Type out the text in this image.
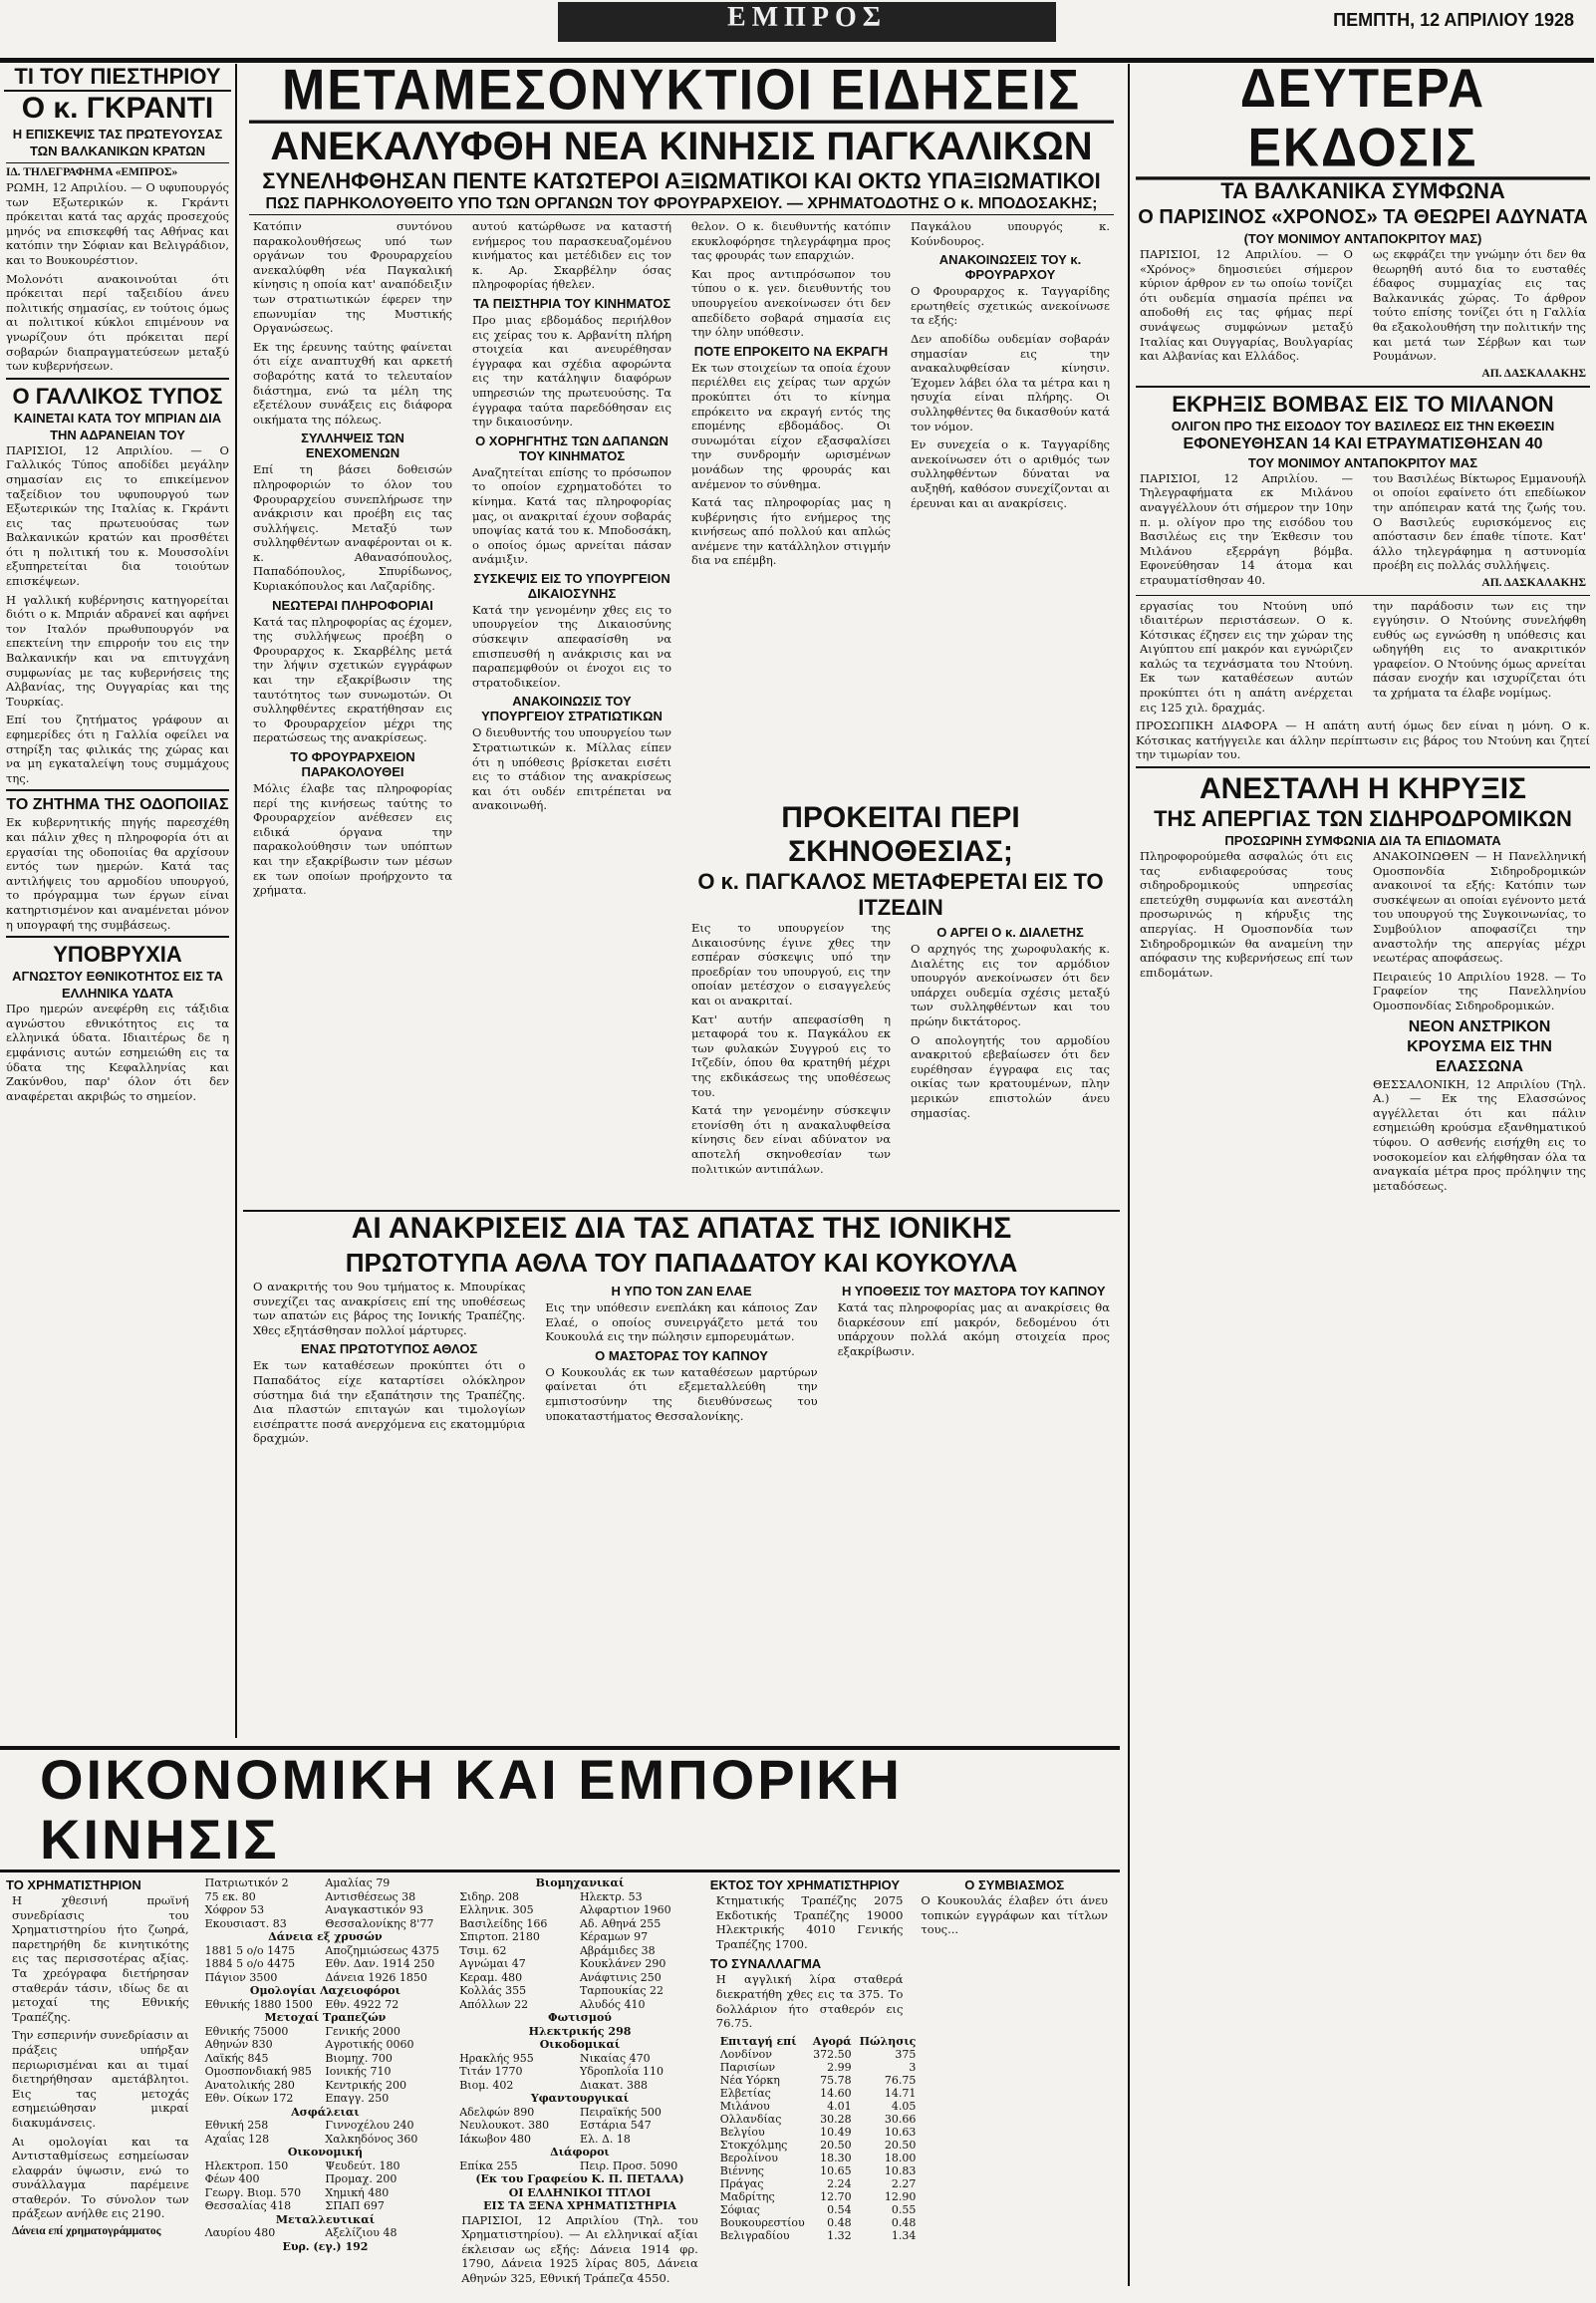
ΕΜΠΡΟΣ	ΠΕΜΠΤΗ, 12 ΑΠΡΙΛΙΟΥ 1928
ΤΙ ΤΟΥ ΠΙΕΣΤΗΡΙΟΥ
Ο κ. ΓΚΡΑΝΤΙ
Η ΕΠΙΣΚΕΨΙΣ ΤΑΣ ΠΡΩΤΕΥΟΥΣΑΣ ΤΩΝ ΒΑΛΚΑΝΙΚΩΝ ΚΡΑΤΩΝ
ΙΔ. ΤΗΛΕΓΡΑΦΗΜΑ «ΕΜΠΡΟΣ»

ΡΩΜΗ, 12 Απριλίου. — Ο υφυπουργός των Εξωτερικών κ. Γκράντι πρόκειται κατά τας αρχάς προσεχούς μηνός να επισκεφθή τας Αθήνας και κατόπιν την Σόφιαν και Βελιγράδιον, και το Βουκουρέστιον.

Μολονότι ανακοινούται ότι πρόκειται περί ταξειδίου άνευ πολιτικής σημασίας, εν τούτοις όμως αι πολιτικοί κύκλοι επιμένουν να γνωρίζουν ότι πρόκειται περί σοβαρών διαπραγματεύσεων μεταξύ των κυβερνήσεων.

Ο ΓΑΛΛΙΚΟΣ ΤΥΠΟΣ
ΚΑΙΝΕΤΑΙ ΚΑΤΑ ΤΟΥ ΜΠΡΙΑΝ ΔΙΑ ΤΗΝ ΑΔΡΑΝΕΙΑΝ ΤΟΥ

ΠΑΡΙΣΙΟΙ, 12 Απριλίου. — Ο Γαλλικός Τύπος αποδίδει μεγάλην σημασίαν εις το επικείμενον ταξείδιον του υφυπουργού των Εξωτερικών της Ιταλίας κ. Γκράντι εις τας πρωτευούσας των Βαλκανικών κρατών και προσθέτει ότι η πολιτική του κ. Μουσσολίνι εξυπηρετείται δια τοιούτων επισκέψεων.

Η γαλλική κυβέρνησις κατηγορείται διότι ο κ. Μπριάν αδρανεί και αφήνει τον Ιταλόν πρωθυπουργόν να επεκτείνη την επιρροήν του εις την Βαλκανικήν και να επιτυγχάνη συμφωνίας με τας κυβερνήσεις της Αλβανίας, της Ουγγαρίας και της Τουρκίας.

Επί του ζητήματος γράφουν αι εφημερίδες ότι η Γαλλία οφείλει να στηρίξη τας φιλικάς της χώρας και να μη εγκαταλείψη τους συμμάχους της.

ΤΟ ΖΗΤΗΜΑ ΤΗΣ ΟΔΟΠΟΙΙΑΣ

Εκ κυβερνητικής πηγής παρεσχέθη και πάλιν χθες η πληροφορία ότι αι εργασίαι της οδοποιίας θα αρχίσουν εντός των ημερών. Κατά τας αντιλήψεις του αρμοδίου υπουργού, το πρόγραμμα των έργων είναι κατηρτισμένον και αναμένεται μόνον η υπογραφή της συμβάσεως.

ΥΠΟΒΡΥΧΙΑ
ΑΓΝΩΣΤΟΥ ΕΘΝΙΚΟΤΗΤΟΣ ΕΙΣ ΤΑ ΕΛΛΗΝΙΚΑ ΥΔΑΤΑ

Προ ημερών ανεφέρθη εις τάξιδια αγνώστου εθνικότητος εις τα ελληνικά ύδατα. Ιδιαιτέρως δε η εμφάνισις αυτών εσημειώθη εις τα ύδατα της Κεφαλληνίας και Ζακύνθου, παρ' όλον ότι δεν αναφέρεται ακριβώς το σημείον.

ΜΕΤΑΜΕΣΟΝΥΚΤΙΟΙ ΕΙΔΗΣΕΙΣ
ΑΝΕΚΑΛΥΦΘΗ ΝΕΑ ΚΙΝΗΣΙΣ ΠΑΓΚΑΛΙΚΩΝ
ΣΥΝΕΛΗΦΘΗΣΑΝ ΠΕΝΤΕ ΚΑΤΩΤΕΡΟΙ ΑΞΙΩΜΑΤΙΚΟΙ ΚΑΙ ΟΚΤΩ ΥΠΑΞΙΩΜΑΤΙΚΟΙ
ΠΩΣ ΠΑΡΗΚΟΛΟΥΘΕΙΤΟ ΥΠΟ ΤΩΝ ΟΡΓΑΝΩΝ ΤΟΥ ΦΡΟΥΡΑΡΧΕΙΟΥ. — ΧΡΗΜΑΤΟΔΟΤΗΣ Ο κ. ΜΠΟΔΟΣΑΚΗΣ;

Κατόπιν συντόνου παρακολουθήσεως υπό των οργάνων του Φρουραρχείου ανεκαλύφθη νέα Παγκαλική κίνησις η οποία κατ' αναπόδειξιν των στρατιωτικών έφερεν την επωνυμίαν της Μυστικής Οργανώσεως.

Εκ της έρευνης ταύτης φαίνεται ότι είχε αναπτυχθή και αρκετή σοβαρότης κατά το τελευταίον διάστημα, ενώ τα μέλη της εξετέλουν συνάξεις εις διάφορα οικήματα της πόλεως.

ΣΥΛΛΗΨΕΙΣ ΤΩΝ ΕΝΕΧΟΜΕΝΩΝ

Επί τη βάσει δοθεισών πληροφοριών το όλον του Φρουραρχείου συνεπλήρωσε την ανάκρισιν και προέβη εις τας συλλήψεις. Μεταξύ των συλληφθέντων αναφέρονται οι κ. κ. Αθανασόπουλος, Παπαδόπουλος, Σπυρίδωνος, Κυριακόπουλος και Λαζαρίδης.

ΝΕΩΤΕΡΑΙ ΠΛΗΡΟΦΟΡΙΑΙ

Κατά τας πληροφορίας ας έχομεν, της συλλήψεως προέβη ο Φρουραρχος κ. Σκαρβέλης μετά την λήψιν σχετικών εγγράφων και την εξακρίβωσιν της ταυτότητος των συνωμοτών. Οι συλληφθέντες εκρατήθησαν εις το Φρουραρχείον μέχρι της περατώσεως της ανακρίσεως.

ΤΟ ΦΡΟΥΡΑΡΧΕΙΟΝ ΠΑΡΑΚΟΛΟΥΘΕΙ

Μόλις έλαβε τας πληροφορίας περί της κινήσεως ταύτης το Φρουραρχείον ανέθεσεν εις ειδικά όργανα την παρακολούθησιν των υπόπτων και την εξακρίβωσιν των μέσων εκ των οποίων προήρχοντο τα χρήματα.

αυτού κατώρθωσε να καταστή ενήμερος του παρασκευαζομένου κινήματος και μετέδιδεν εις τον κ. Αρ. Σκαρβέλην όσας πληροφορίας ήθελεν.

ΤΑ ΠΕΙΣΤΗΡΙΑ ΤΟΥ ΚΙΝΗΜΑΤΟΣ

Προ μιας εβδομάδος περιήλθον εις χείρας του κ. Αρβανίτη πλήρη στοιχεία και ανευρέθησαν έγγραφα και σχέδια αφορώντα εις την κατάληψιν διαφόρων υπηρεσιών της πρωτευούσης. Τα έγγραφα ταύτα παρεδόθησαν εις την δικαιοσύνην.

Ο ΧΟΡΗΓΗΤΗΣ ΤΩΝ ΔΑΠΑΝΩΝ ΤΟΥ ΚΙΝΗΜΑΤΟΣ

Αναζητείται επίσης το πρόσωπον το οποίον εχρηματοδότει το κίνημα. Κατά τας πληροφορίας μας, οι ανακριταί έχουν σοβαράς υποψίας κατά του κ. Μποδοσάκη, ο οποίος όμως αρνείται πάσαν ανάμιξιν.

ΣΥΣΚΕΨΙΣ ΕΙΣ ΤΟ ΥΠΟΥΡΓΕΙΟΝ ΔΙΚΑΙΟΣΥΝΗΣ

Κατά την γενομένην χθες εις το υπουργείον της Δικαιοσύνης σύσκεψιν απεφασίσθη να επισπευσθή η ανάκρισις και να παραπεμφθούν οι ένοχοι εις το στρατοδικείον.

ΑΝΑΚΟΙΝΩΣΙΣ ΤΟΥ ΥΠΟΥΡΓΕΙΟΥ ΣΤΡΑΤΙΩΤΙΚΩΝ

Ο διευθυντής του υπουργείου των Στρατιωτικών κ. Μίλλας είπεν ότι η υπόθεσις βρίσκεται εισέτι εις το στάδιον της ανακρίσεως και ότι ουδέν επιτρέπεται να ανακοινωθή.

θελον. Ο κ. διευθυντής κατόπιν εκυκλοφόρησε τηλεγράφημα προς τας φρουράς των επαρχιών.

Και προς αντιπρόσωπον του τύπου ο κ. γεν. διευθυντής του υπουργείου ανεκοίνωσεν ότι δεν απεδίδετο σοβαρά σημασία εις την όλην υπόθεσιν.

ΠΟΤΕ ΕΠΡΟΚΕΙΤΟ ΝΑ ΕΚΡΑΓΗ

Εκ των στοιχείων τα οποία έχουν περιέλθει εις χείρας των αρχών προκύπτει ότι το κίνημα επρόκειτο να εκραγή εντός της επομένης εβδομάδος. Οι συνωμόται είχον εξασφαλίσει την συνδρομήν ωρισμένων μονάδων της φρουράς και ανέμενον το σύνθημα.

Κατά τας πληροφορίας μας η κυβέρνησις ήτο ενήμερος της κινήσεως από πολλού και απλώς ανέμενε την κατάλληλον στιγμήν δια να επέμβη.

Παγκάλου υπουργός κ. Κούνδουρος.

ΑΝΑΚΟΙΝΩΣΕΙΣ ΤΟΥ κ. ΦΡΟΥΡΑΡΧΟΥ

Ο Φρουραρχος κ. Ταγγαρίδης ερωτηθείς σχετικώς ανεκοίνωσε τα εξής:

Δεν αποδίδω ουδεμίαν σοβαράν σημασίαν εις την ανακαλυφθείσαν κίνησιν. Έχομεν λάβει όλα τα μέτρα και η ησυχία είναι πλήρης. Οι συλληφθέντες θα δικασθούν κατά τον νόμον.

Εν συνεχεία ο κ. Ταγγαρίδης ανεκοίνωσεν ότι ο αριθμός των συλληφθέντων δύναται να αυξηθή, καθόσον συνεχίζονται αι έρευναι και αι ανακρίσεις.

ΠΡΟΚΕΙΤΑΙ ΠΕΡΙ ΣΚΗΝΟΘΕΣΙΑΣ;
Ο κ. ΠΑΓΚΑΛΟΣ ΜΕΤΑΦΕΡΕΤΑΙ ΕΙΣ ΤΟ ΙΤΖΕΔΙΝ

Εις το υπουργείον της Δικαιοσύνης έγινε χθες την εσπέραν σύσκεψις υπό την προεδρίαν του υπουργού, εις την οποίαν μετέσχον ο εισαγγελεύς και οι ανακριταί.

Κατ' αυτήν απεφασίσθη η μεταφορά του κ. Παγκάλου εκ των φυλακών Συγγρού εις το Ιτζεδίν, όπου θα κρατηθή μέχρι της εκδικάσεως της υποθέσεως του.

Κατά την γενομένην σύσκεψιν ετονίσθη ότι η ανακαλυφθείσα κίνησις δεν είναι αδύνατον να αποτελή σκηνοθεσίαν των πολιτικών αντιπάλων.

Ο ΑΡΓΕΙ Ο κ. ΔΙΑΛΕΤΗΣ

Ο αρχηγός της χωροφυλακής κ. Διαλέτης εις τον αρμόδιον υπουργόν ανεκοίνωσεν ότι δεν υπάρχει ουδεμία σχέσις μεταξύ των συλληφθέντων και του πρώην δικτάτορος.

Ο απολογητής του αρμοδίου ανακριτού εβεβαίωσεν ότι δεν ευρέθησαν έγγραφα εις τας οικίας των κρατουμένων, πλην μερικών επιστολών άνευ σημασίας.

ΑΙ ΑΝΑΚΡΙΣΕΙΣ ΔΙΑ ΤΑΣ ΑΠΑΤΑΣ ΤΗΣ ΙΟΝΙΚΗΣ
ΠΡΩΤΟΤΥΠΑ ΑΘΛΑ ΤΟΥ ΠΑΠΑΔΑΤΟΥ ΚΑΙ ΚΟΥΚΟΥΛΑ

Ο ανακριτής του 9ου τμήματος κ. Μπουρίκας συνεχίζει τας ανακρίσεις επί της υποθέσεως των απατών εις βάρος της Ιονικής Τραπέζης. Χθες εξητάσθησαν πολλοί μάρτυρες.

ΕΝΑΣ ΠΡΩΤΟΤΥΠΟΣ ΑΘΛΟΣ

Εκ των καταθέσεων προκύπτει ότι ο Παπαδάτος είχε καταρτίσει ολόκληρον σύστημα διά την εξαπάτησιν της Τραπέζης. Δια πλαστών επιταγών και τιμολογίων εισέπραττε ποσά ανερχόμενα εις εκατομμύρια δραχμών.

Η ΥΠΟ ΤΟΝ ΖΑΝ ΕΛΑΕ

Εις την υπόθεσιν ενεπλάκη και κάποιος Ζαν Ελαέ, ο οποίος συνειργάζετο μετά του Κουκουλά εις την πώλησιν εμπορευμάτων.

Ο ΜΑΣΤΟΡΑΣ ΤΟΥ ΚΑΠΝΟΥ

Ο Κουκουλάς εκ των καταθέσεων μαρτύρων φαίνεται ότι εξεμεταλλεύθη την εμπιστοσύνην της διευθύνσεως του υποκαταστήματος Θεσσαλονίκης.

Η ΥΠΟΘΕΣΙΣ ΤΟΥ ΜΑΣΤΟΡΑ ΤΟΥ ΚΑΠΝΟΥ

Κατά τας πληροφορίας μας αι ανακρίσεις θα διαρκέσουν επί μακρόν, δεδομένου ότι υπάρχουν πολλά ακόμη στοιχεία προς εξακρίβωσιν.

ΔΕΥΤΕΡΑ ΕΚΔΟΣΙΣ
ΤΑ ΒΑΛΚΑΝΙΚΑ ΣΥΜΦΩΝΑ
Ο ΠΑΡΙΣΙΝΟΣ «ΧΡΟΝΟΣ» ΤΑ ΘΕΩΡΕΙ ΑΔΥΝΑΤΑ
(ΤΟΥ ΜΟΝΙΜΟΥ ΑΝΤΑΠΟΚΡΙΤΟΥ ΜΑΣ)

ΠΑΡΙΣΙΟΙ, 12 Απριλίου. — Ο «Χρόνος» δημοσιεύει σήμερον κύριον άρθρον εν τω οποίω τονίζει ότι ουδεμία σημασία πρέπει να αποδοθή εις τας φήμας περί συνάψεως συμφώνων μεταξύ Ιταλίας και Ουγγαρίας, Βουλγαρίας και Αλβανίας και Ελλάδος.

ως εκφράζει την γνώμην ότι δεν θα θεωρηθή αυτό δια το ευσταθές έδαφος συμμαχίας εις τας Βαλκανικάς χώρας. Το άρθρον τούτο επίσης τονίζει ότι η Γαλλία θα εξακολουθήση την πολιτικήν της και μετά των Σέρβων και των Ρουμάνων.

ΑΠ. ΔΑΣΚΑΛΑΚΗΣ
ΕΚΡΗΞΙΣ ΒΟΜΒΑΣ ΕΙΣ ΤΟ ΜΙΛΑΝΟΝ
ΟΛΙΓΟΝ ΠΡΟ ΤΗΣ ΕΙΣΟΔΟΥ ΤΟΥ ΒΑΣΙΛΕΩΣ ΕΙΣ ΤΗΝ ΕΚΘΕΣΙΝ
ΕΦΟΝΕΥΘΗΣΑΝ 14 ΚΑΙ ΕΤΡΑΥΜΑΤΙΣΘΗΣΑΝ 40
ΤΟΥ ΜΟΝΙΜΟΥ ΑΝΤΑΠΟΚΡΙΤΟΥ ΜΑΣ

ΠΑΡΙΣΙΟΙ, 12 Απριλίου. — Τηλεγραφήματα εκ Μιλάνου αναγγέλλουν ότι σήμερον την 10ην π. μ. ολίγον προ της εισόδου του Βασιλέως εις την Έκθεσιν του Μιλάνου εξερράγη βόμβα. Εφονεύθησαν 14 άτομα και ετραυματίσθησαν 40.

του Βασιλέως Βίκτωρος Εμμανουήλ οι οποίοι εφαίνετο ότι επεδίωκον την απόπειραν κατά της ζωής του. Ο Βασιλεύς ευρισκόμενος εις απόστασιν δεν έπαθε τίποτε. Κατ' άλλο τηλεγράφημα η αστυνομία προέβη εις πολλάς συλλήψεις.

ΑΠ. ΔΑΣΚΑΛΑΚΗΣ

εργασίας του Ντούνη υπό ιδιαιτέρων περιστάσεων. Ο κ. Κότσικας έζησεν εις την χώραν της Αιγύπτου επί μακρόν και εγνώριζεν καλώς τα τεχνάσματα του Ντούνη. Εκ των καταθέσεων αυτών προκύπτει ότι η απάτη ανέρχεται εις 125 χιλ. δραχμάς.

την παράδοσιν των εις την εγγύησιν. Ο Ντούνης συνελήφθη ευθύς ως εγνώσθη η υπόθεσις και ωδηγήθη εις το ανακριτικόν γραφείον. Ο Ντούνης όμως αρνείται πάσαν ενοχήν και ισχυρίζεται ότι τα χρήματα τα έλαβε νομίμως.

ΠΡΟΣΩΠΙΚΗ ΔΙΑΦΟΡΑ — Η απάτη αυτή όμως δεν είναι η μόνη. Ο κ. Κότσικας κατήγγειλε και άλλην περίπτωσιν εις βάρος του Ντούνη και ζητεί την τιμωρίαν του.

ΑΝΕΣΤΑΛΗ Η ΚΗΡΥΞΙΣ
ΤΗΣ ΑΠΕΡΓΙΑΣ ΤΩΝ ΣΙΔΗΡΟΔΡΟΜΙΚΩΝ
ΠΡΟΣΩΡΙΝΗ ΣΥΜΦΩΝΙΑ ΔΙΑ ΤΑ ΕΠΙΔΟΜΑΤΑ

Πληροφορούμεθα ασφαλώς ότι εις τας ενδιαφερούσας τους σιδηροδρομικούς υπηρεσίας επετεύχθη συμφωνία και ανεστάλη προσωρινώς η κήρυξις της απεργίας. Η Ομοσπονδία των Σιδηροδρομικών θα αναμείνη την απόφασιν της κυβερνήσεως επί των επιδομάτων.

ΑΝΑΚΟΙΝΩΘΕΝ — Η Πανελληνική Ομοσπονδία Σιδηροδρομικών ανακοινοί τα εξής: Κατόπιν των συσκέψεων αι οποίαι εγένοντο μετά του υπουργού της Συγκοινωνίας, το Συμβούλιον αποφασίζει την αναστολήν της απεργίας μέχρι νεωτέρας αποφάσεως.

Πειραιεύς 10 Απριλίου 1928. — Το Γραφείον της Πανελληνίου Ομοσπονδίας Σιδηροδρομικών.

ΝΕΟΝ ΑΝΣΤΡΙΚΟΝ ΚΡΟΥΣΜΑ ΕΙΣ ΤΗΝ ΕΛΑΣΣΩΝΑ

ΘΕΣΣΑΛΟΝΙΚΗ, 12 Απριλίου (Τηλ. Α.) — Εκ της Ελασσώνος αγγέλλεται ότι και πάλιν εσημειώθη κρούσμα εξανθηματικού τύφου. Ο ασθενής εισήχθη εις το νοσοκομείον και ελήφθησαν όλα τα αναγκαία μέτρα προς πρόληψιν της μεταδόσεως.

ΟΙΚΟΝΟΜΙΚΗ ΚΑΙ ΕΜΠΟΡΙΚΗ ΚΙΝΗΣΙΣ
ΤΟ ΧΡΗΜΑΤΙΣΤΗΡΙΟΝ

Η χθεσινή πρωϊνή συνεδρίασις του Χρηματιστηρίου ήτο ζωηρά, παρετηρήθη δε κινητικότης εις τας περισσοτέρας αξίας. Τα χρεόγραφα διετήρησαν σταθεράν τάσιν, ιδίως δε αι μετοχαί της Εθνικής Τραπέζης.

Την εσπερινήν συνεδρίασιν αι πράξεις υπήρξαν περιωρισμέναι και αι τιμαί διετηρήθησαν αμετάβλητοι. Εις τας μετοχάς εσημειώθησαν μικραί διακυμάνσεις.

Αι ομολογίαι και τα Αντισταθμίσεως εσημείωσαν ελαφράν ύψωσιν, ενώ το συνάλλαγμα παρέμεινε σταθερόν. Το σύνολον των πράξεων ανήλθε εις 2190.

Δάνεια επί χρηματογράμματος
Πατριωτικόν 2	Αμαλίας 79
75 εκ. 80	Αντισθέσεως 38
Χόφρον 53	Αναγκαστικόν 93
Εκουσιαστ. 83	Θεσσαλονίκης 8'77
Δάνεια εξ χρυσών
1881 5 ο/ο 1475	Αποζημιώσεως 4375
1884 5 ο/ο 4475	Εθν. Δαν. 1914 250
Πάγιον 3500	Δάνεια 1926 1850
Ομολογίαι Λαχειοφόροι
Εθνικής 1880 1500 Εθν. 4922 72
Μετοχαί Τραπεζών
Εθνικής 75000	Γενικής 2000
Αθηνών 830	Αγροτικής 0060
Λαϊκής 845	Βιομηχ. 700
Ομοσπονδιακή 985 Ιονικής 710
Ανατολικής 280	Κεντρικής 200
Εθν. Οίκων 172	Επαγγ. 250
Ασφάλειαι
Εθνική 258	Γιννοχέλου 240
Αχαΐας 128	Χαλκηδόνος 360
Οικονομική
Ηλεκτροπ. 150	Ψευδεύτ. 180
Φέων 400	Προμαχ. 200
Γεωργ. Βιομ. 570 Χημική 480
Θεσσαλίας 418	ΣΠΑΠ 697
Μεταλλευτικαί
Λαυρίου 480	Αξελίζιου 48
Ευρ. (εγ.) 192
Βιομηχανικαί
Σιδηρ. 208	Ηλεκτρ. 53
Ελληνικ. 305	Αλφαρτιον 1960
Βασιλείδης 166	Αδ. Αθηνά 255
Σπιρτοπ. 2180	Κέραμων 97
Τσιμ. 62	Αβράμιδες 38
Αγνώμαι 47	Κουκλάνεν 290
Κεραμ. 480	Ανάφτινις 250
Κολλάς 355	Ταρπουκίας 22
Απόλλων 22	Αλυδός 410
Φωτισμού
Ηλεκτρικής 298
Οικοδομικαί
Ηρακλής 955	Νικαίας 470
Τιτάν 1770	Υδροπλοΐα 110
Βιομ. 402	Διακατ. 388
Υφαντουργικαί
Αδελφών 890	Πειραϊκής 500
Νευλουκοτ. 380	Εστάρια 547
Ιάκωβον 480	Ελ. Δ. 18
Διάφοροι
Επίκα 255	Πειρ. Προσ. 5090
(Εκ του Γραφείου Κ. Π. ΠΕΤΑΛΑ)
ΟΙ ΕΛΛΗΝΙΚΟΙ ΤΙΤΛΟΙ
ΕΙΣ ΤΑ ΞΕΝΑ ΧΡΗΜΑΤΙΣΤΗΡΙΑ

ΠΑΡΙΣΙΟΙ, 12 Απριλίου (Τηλ. του Χρηματιστηρίου). — Αι ελληνικαί αξίαι έκλεισαν ως εξής: Δάνεια 1914 φρ. 1790, Δάνεια 1925 λίρας 805, Δάνεια Αθηνών 325, Εθνική Τράπεζα 4550.

ΕΚΤΟΣ ΤΟΥ ΧΡΗΜΑΤΙΣΤΗΡΙΟΥ

Κτηματικής Τραπέζης 2075 Εκδοτικής Τραπέζης 19000 Ηλεκτρικής 4010 Γενικής Τραπέζης 1700.

ΤΟ ΣΥΝΑΛΛΑΓΜΑ

Η αγγλική λίρα σταθερά διεκρατήθη χθες εις τα 375. Το δολλάριον ήτο σταθερόν εις 76.75.

Επιταγή επί	Αγορά	Πώλησις
Λονδίνον	372.50	375
Παρισίων	2.99	3
Νέα Υόρκη	75.78	76.75
Ελβετίας	14.60	14.71
Μιλάνου	4.01	4.05
Ολλανδίας	30.28	30.66
Βελγίου	10.49	10.63
Στοκχόλμης	20.50	20.50
Βερολίνου	18.30	18.00
Βιέννης	10.65	10.83
Πράγας	2.24	2.27
Μαδρίτης	12.70	12.90
Σόφιας	0.54	0.55
Βουκουρεστίου	0.48	0.48
Βελιγραδίου	1.32	1.34
Ο ΣΥΜΒΙΑΣΜΟΣ

Ο Κουκουλάς έλαβεν ότι άνευ τοπικών εγγράφων και τίτλων τους...
